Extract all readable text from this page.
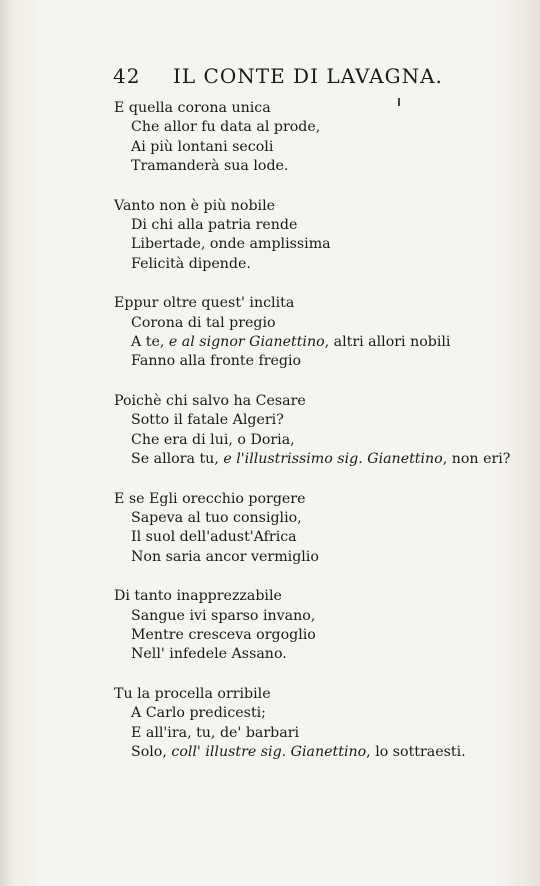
42 IL CONTE DI LAVAGNA.
E quella corona unica
Che allor fu data al prode,
Ai più lontani secoli
Tramanderà sua lode.
Vanto non è più nobile
Di chi alla patria rende
Libertade, onde amplissima
Felicità dipende.
Eppur oltre quest' inclita
Corona di tal pregio
A te, e al signor Gianettino, altri allori nobili
Fanno alla fronte fregio
Poichè chi salvo ha Cesare
Sotto il fatale Algeri?
Che era di lui, o Doria,
Se allora tu, e l'illustrissimo sig. Gianettino, non eri?
E se Egli orecchio porgere
Sapeva al tuo consiglio,
Il suol dell'adust'Africa
Non saria ancor vermiglio
Di tanto inapprezzabile
Sangue ivi sparso invano,
Mentre cresceva orgoglio
Nell' infedele Assano.
Tu la procella orribile
A Carlo predicesti;
E all'ira, tu, de' barbari
Solo, coll' illustre sig. Gianettino, lo sottraesti.
